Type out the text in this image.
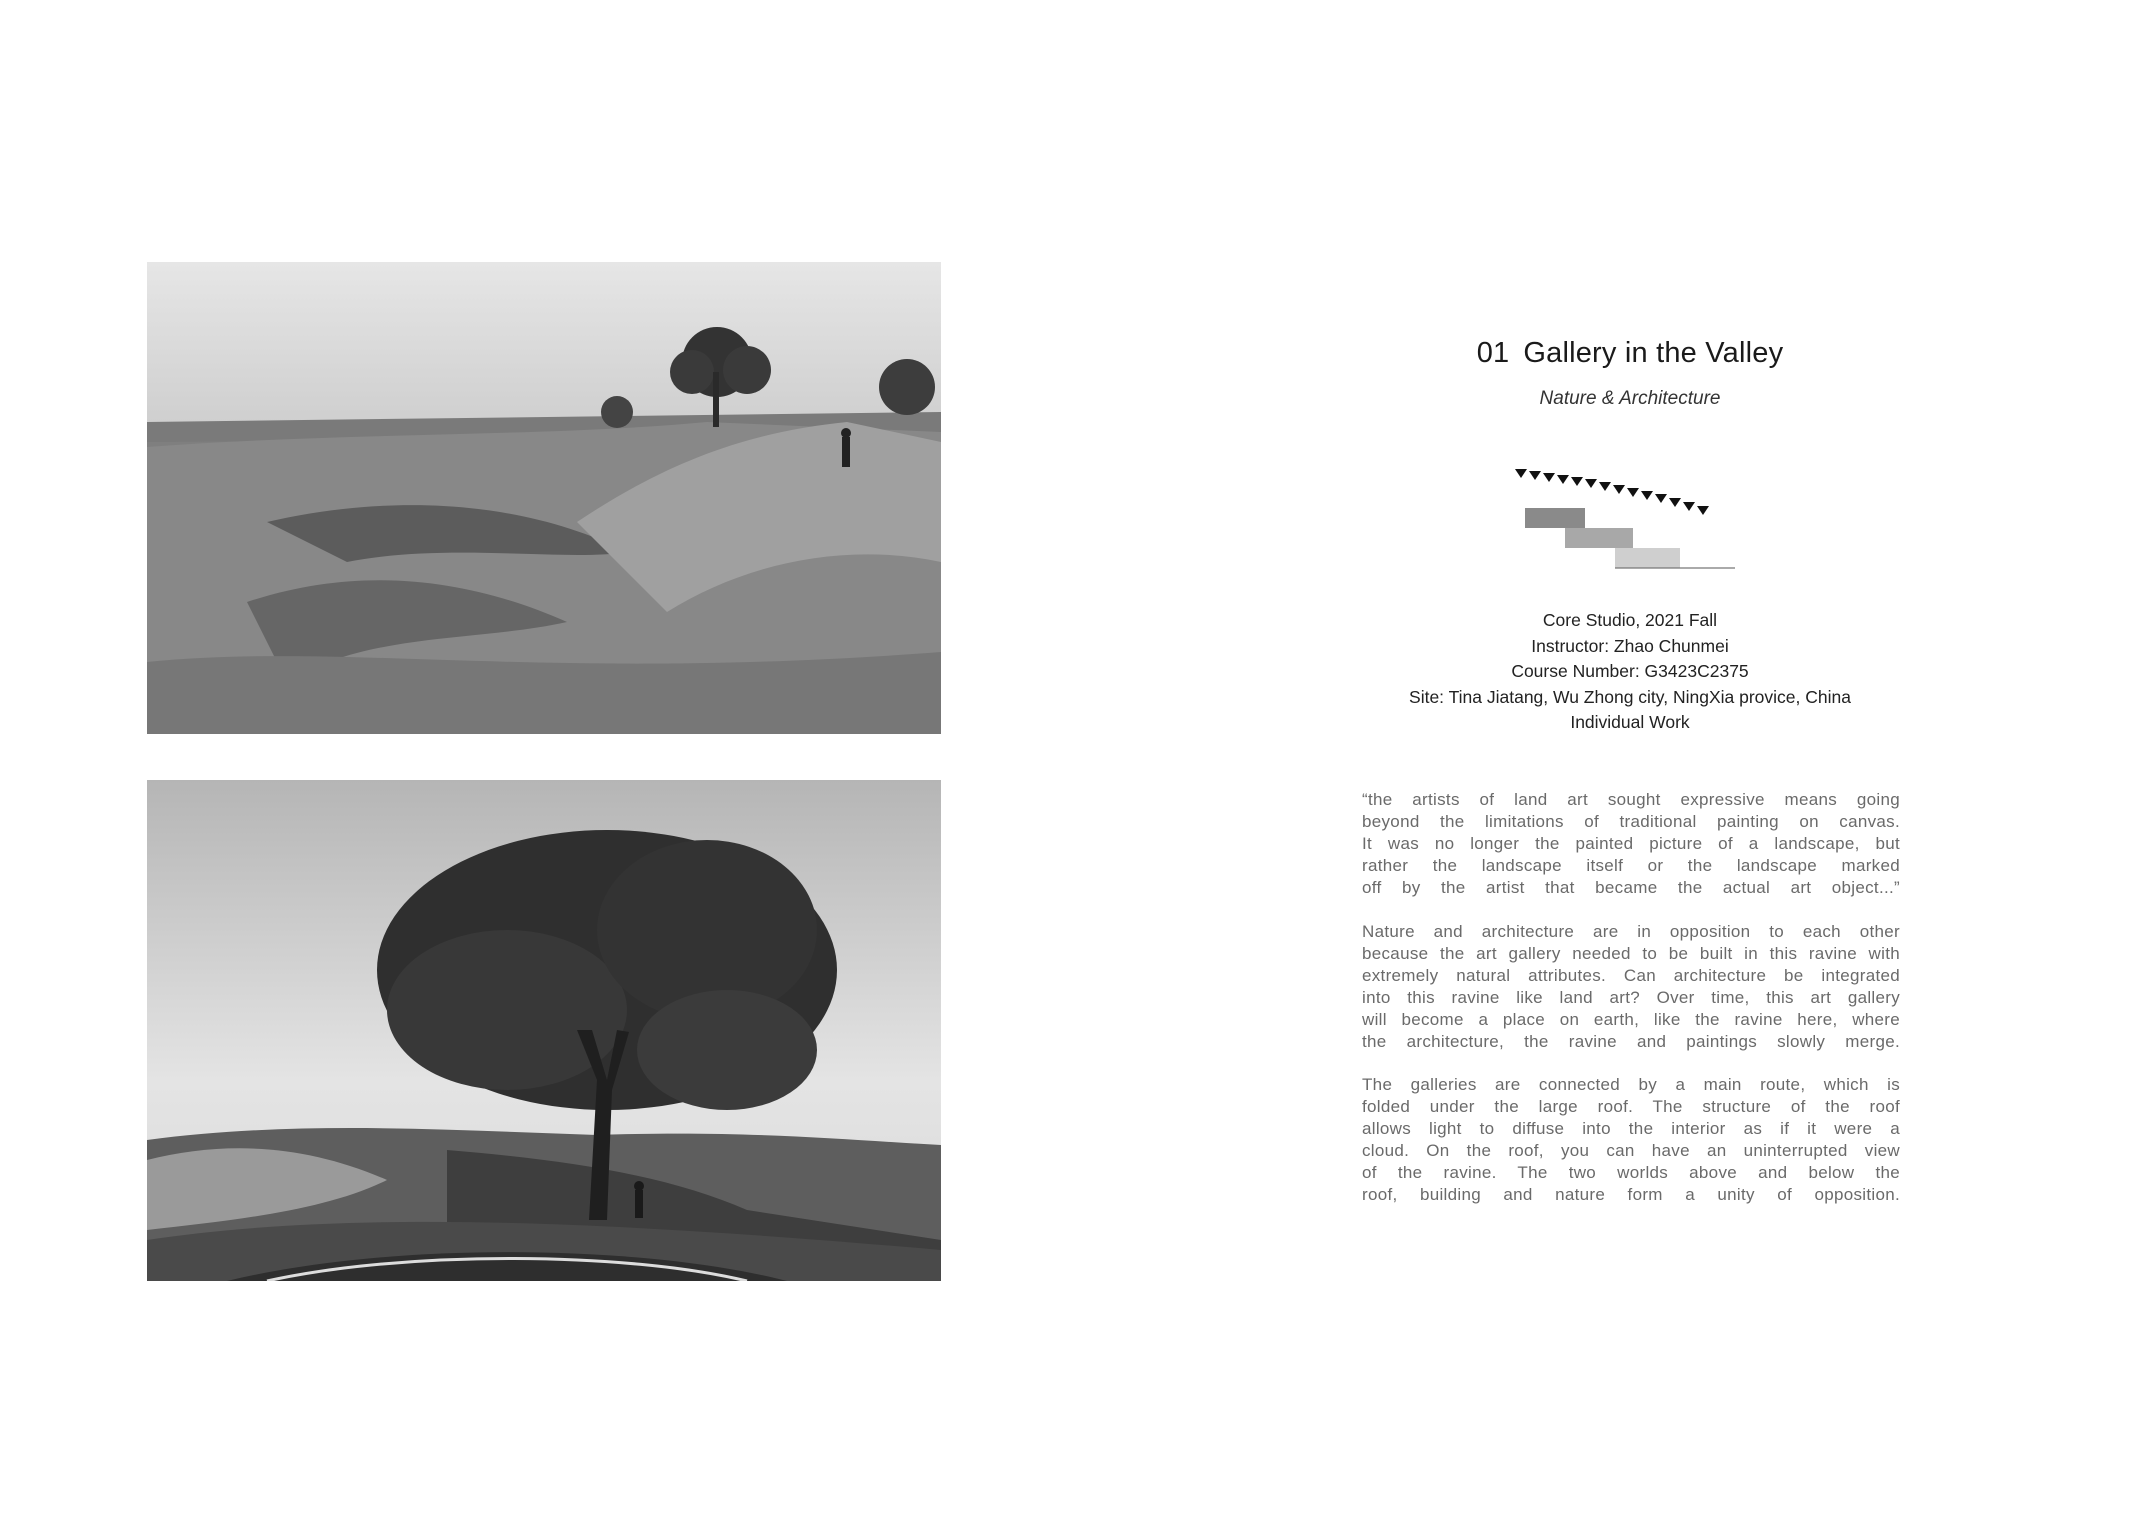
01 Gallery in the Valley
Nature & Architecture
Core Studio, 2021 Fall
Instructor: Zhao Chunmei
Course Number: G3423C2375
Site: Tina Jiatang, Wu Zhong city, NingXia provice, China
Individual Work
“the artists of land art sought expressive means going
beyond the limitations of traditional painting on canvas.
It was no longer the painted picture of a landscape, but
rather the landscape itself or the landscape marked
off by the artist that became the actual art object...”
Nature and architecture are in opposition to each other
because the art gallery needed to be built in this ravine with
extremely natural attributes. Can architecture be integrated
into this ravine like land art? Over time, this art gallery
will become a place on earth, like the ravine here, where
the architecture, the ravine and paintings slowly merge.
The galleries are connected by a main route, which is
folded under the large roof. The structure of the roof
allows light to diffuse into the interior as if it were a
cloud. On the roof, you can have an uninterrupted view
of the ravine. The two worlds above and below the
roof, building and nature form a unity of opposition.
